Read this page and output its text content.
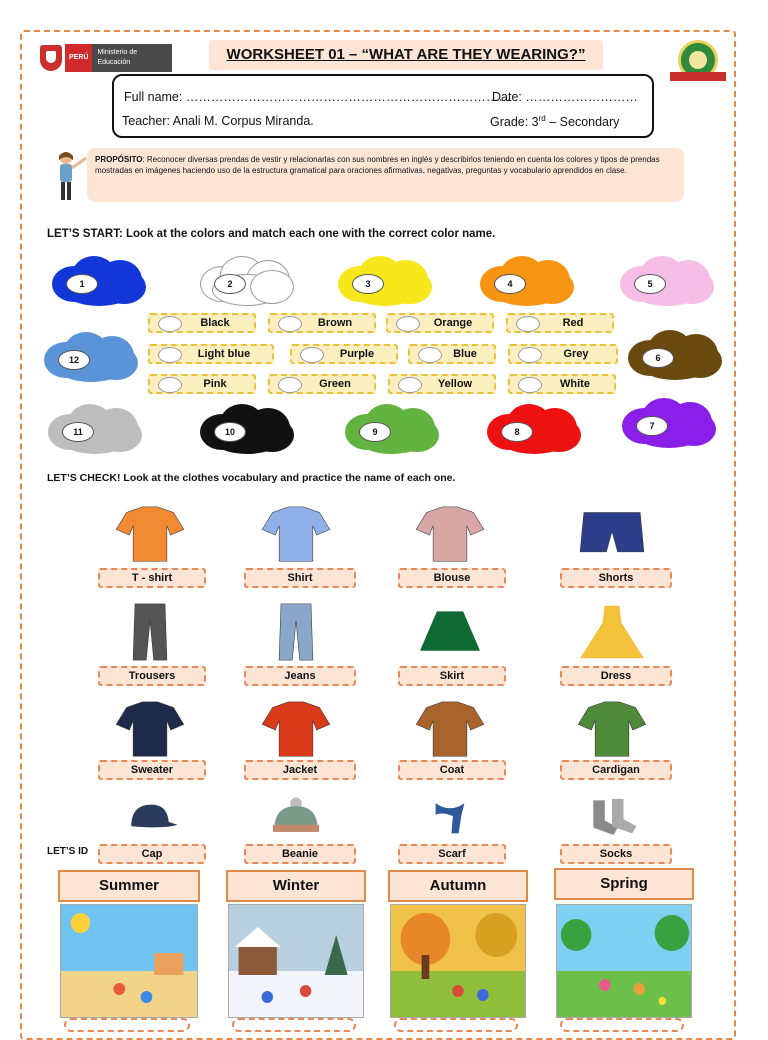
PERÚ
Ministerio de Educación	WORKSHEET 01 – “WHAT ARE THEY WEARING?”
Full name: ……………………………………………………………………
Date: ………………………
Teacher: Anali M. Corpus Miranda.	Grade: 3rd – Secondary
PROPÓSITO: Reconocer diversas prendas de vestir y relacionarlas con sus nombres en inglés y describirlos teniendo en cuenta los colores y tipos de prendas mostradas en imágenes haciendo uso de la estructura gramatical para oraciones afirmativas, negativas, preguntas y vocabulario aprendidos en clase.
LET’S START: Look at the colors and match each one with the correct color name.
1	2	3	4	5
6
7
8
9
10
11
12
Black	Brown	Orange	Red
Light blue	Purple	Blue	Grey
Pink	Green	Yellow	White
LET’S CHECK! Look at the clothes vocabulary and practice the name of each one.
T - shirt	Shirt	Blouse	Shorts
Trousers	Jeans	Skirt	Dress
Sweater	Jacket	Coat	Cardigan
Cap	Beanie	Scarf	Socks
LET’S ID
Summer	Winter	Autumn	Spring
